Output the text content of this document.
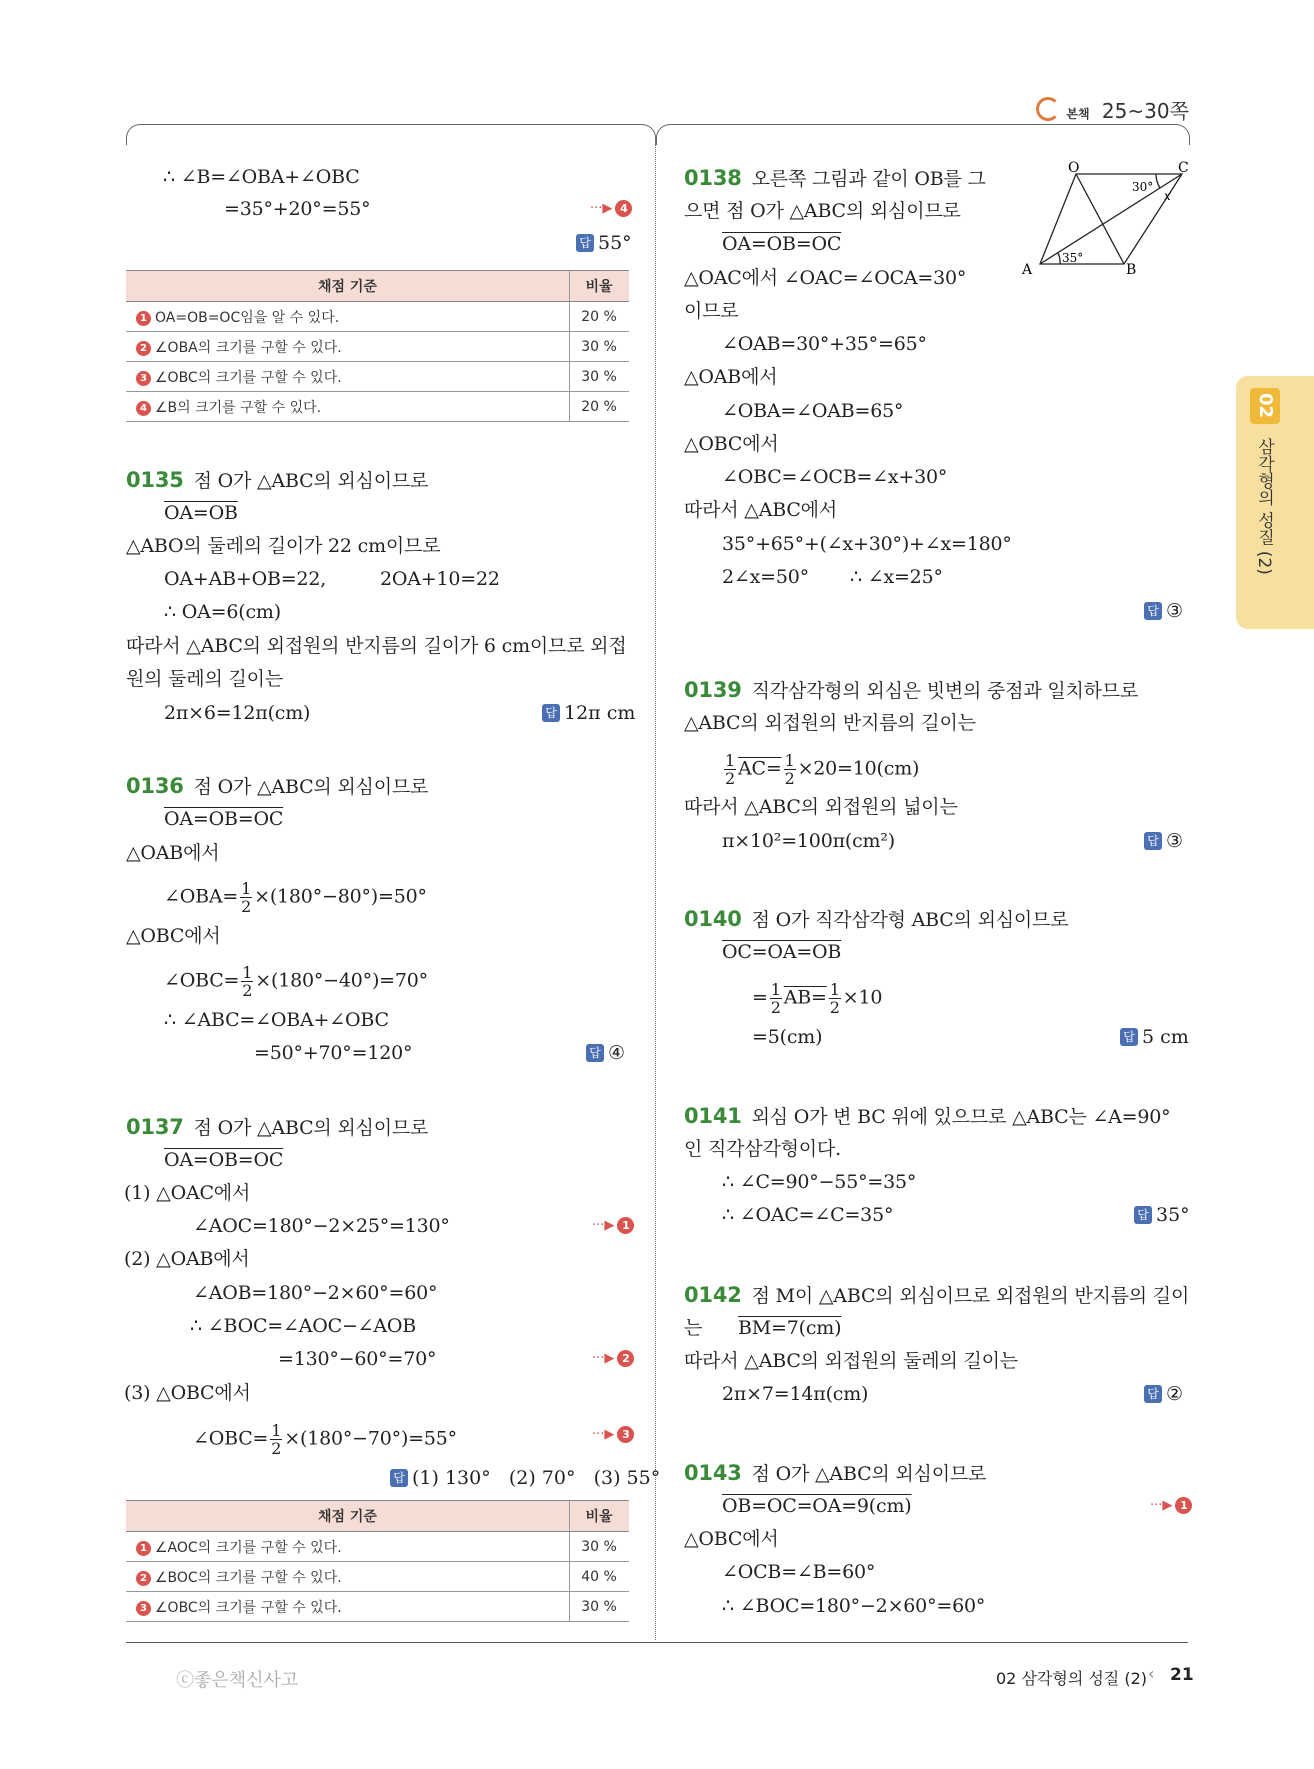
본책 25~30쪽
02
삼각형의 성질 (2)
∴ ∠B=∠OBA+∠OBC
=35°+20°=55°	···▶ 4
답 55°
채점 기준	비율
1 OA=OB=OC임을 알 수 있다.	20 %
2 ∠OBA의 크기를 구할 수 있다.	30 %
3 ∠OBC의 크기를 구할 수 있다.	30 %
4 ∠B의 크기를 구할 수 있다.	20 %
0135 점 O가 △ABC의 외심이므로
OA=OB
△ABO의 둘레의 길이가 22 cm이므로
OA+AB+OB=22,	2OA+10=22
∴ OA=6(cm)
따라서 △ABC의 외접원의 반지름의 길이가 6 cm이므로 외접
원의 둘레의 길이는
2π×6=12π(cm)	답 12π cm
0136 점 O가 △ABC의 외심이므로
OA=OB=OC
△OAB에서
∠OBA= $\frac{1}{2} \times(180^\circ-80^\circ)=50^\circ$
△OBC에서
∠OBC= $\frac{1}{2} \times(180^\circ-40^\circ)=70^\circ$
∴ ∠ABC=∠OBA+∠OBC
=50°+70°=120°	답 ④
0137 점 O가 △ABC의 외심이므로
OA=OB=OC
(1) △OAC에서
∠AOC=180°−2×25°=130°	···▶ 1
(2) △OAB에서
∠AOB=180°−2×60°=60°
∴ ∠BOC=∠AOC−∠AOB
=130°−60°=70°	···▶ 2
(3) △OBC에서
∠OBC= $\frac{1}{2} \times(180^\circ-70^\circ)=55^\circ$	···▶ 3
답 (1) 130°   (2) 70°   (3) 55°
채점 기준	비율
1 ∠AOC의 크기를 구할 수 있다.	30 %
2 ∠BOC의 크기를 구할 수 있다.	40 %
3 ∠OBC의 크기를 구할 수 있다.	30 %
0138 오른쪽 그림과 같이 OB를 그
으면 점 O가 △ABC의 외심이므로
OA=OB=OC
△OAC에서 ∠OAC=∠OCA=30°
이므로
∠OAB=30°+35°=65°
△OAB에서
∠OBA=∠OAB=65°
△OBC에서
∠OBC=∠OCB=∠x+30°
따라서 △ABC에서
35°+65°+(∠x+30°)+∠x=180°
2∠x=50° ∴ ∠x=25°
답 ③
O	C
A	B
30°
x
35°
0139 직각삼각형의 외심은 빗변의 중점과 일치하므로
△ABC의 외접원의 반지름의 길이는
$\frac{1}{2} AC= \frac{1}{2} \times 20=10(cm)$
따라서 △ABC의 외접원의 넓이는
π×10²=100π(cm²)	답 ③
0140 점 O가 직각삼각형 ABC의 외심이므로
OC=OA=OB
= $\frac{1}{2} AB= \frac{1}{2} \times 10$
=5(cm)	답 5 cm
0141 외심 O가 변 BC 위에 있으므로 △ABC는 ∠A=90°
인 직각삼각형이다.
∴ ∠C=90°−55°=35°
∴ ∠OAC=∠C=35°	답 35°
0142 점 M이 △ABC의 외심이므로 외접원의 반지름의 길이
는 BM=7(cm)
따라서 △ABC의 외접원의 둘레의 길이는
2π×7=14π(cm)	답 ②
0143 점 O가 △ABC의 외심이므로
OB=OC=OA=9(cm)	···▶ 1
△OBC에서
∠OCB=∠B=60°
∴ ∠BOC=180°−2×60°=60°
ⓒ좋은책신사고	02 삼각형의 성질 (2) ‹ 21
